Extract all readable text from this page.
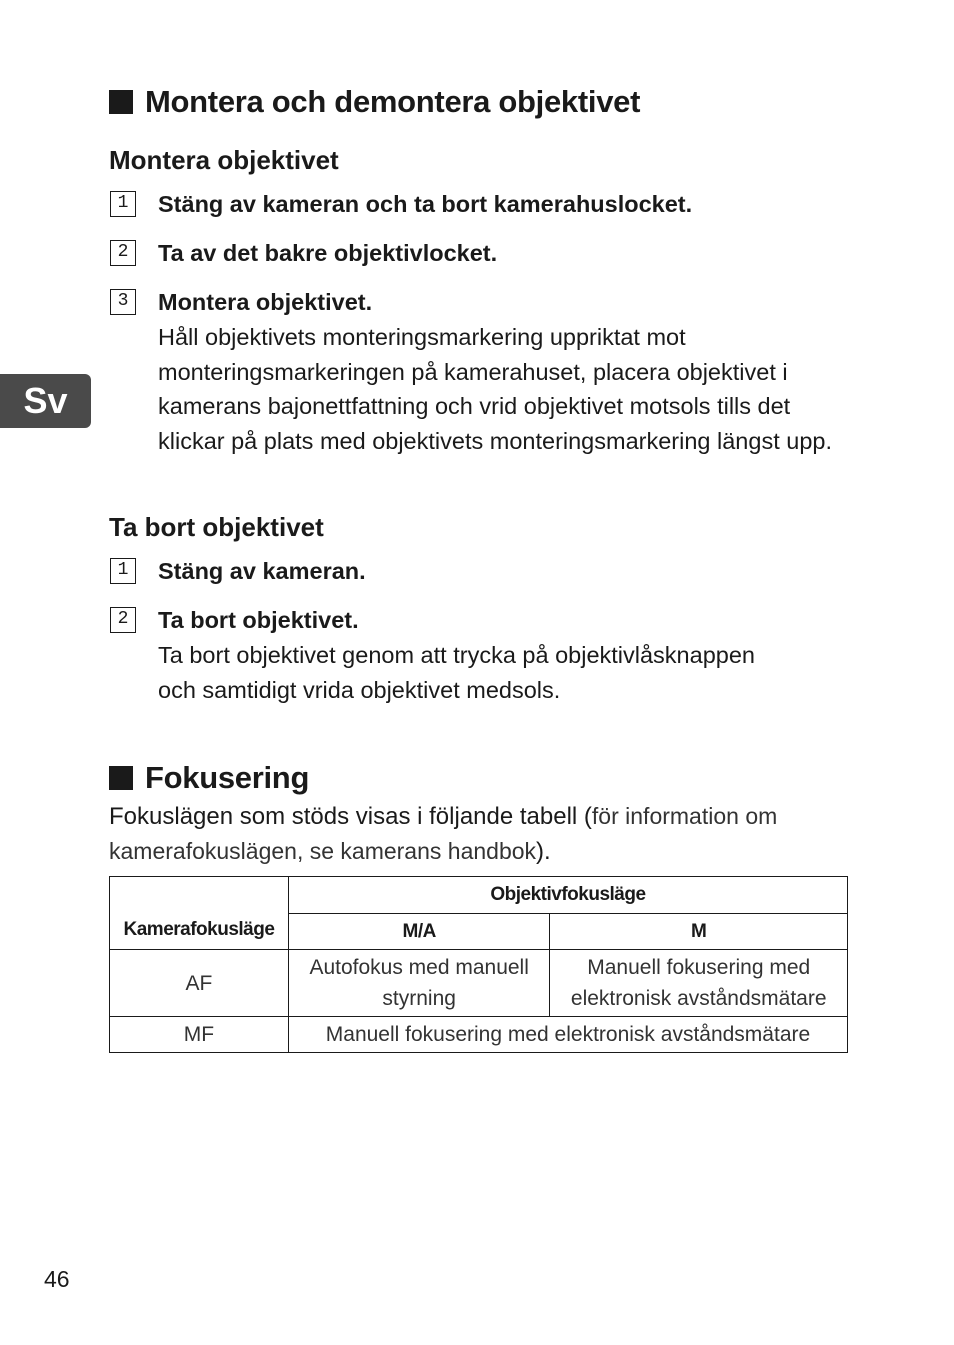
Montera och demontera objektivet
Montera objektivet
1	Stäng av kameran och ta bort kamerahuslocket.
2	Ta av det bakre objektivlocket.
3	Montera objektivet.
Håll objektivets monteringsmarkering uppriktat mot monteringsmarkeringen på kamerahuset, placera objektivet i kamerans bajonettfattning och vrid objektivet motsols tills det klickar på plats med objektivets monteringsmarkering längst upp.
Sv
Ta bort objektivet
1	Stäng av kameran.
2	Ta bort objektivet.
Ta bort objektivet genom att trycka på objektivlåsknappen och samtidigt vrida objektivet medsols.
Fokusering
Fokuslägen som stöds visas i följande tabell (för information om kamerafokuslägen, se kamerans handbok).
Kamerafokusläge	Objektivfokusläge	
	M/A	M
AF	Autofokus med manuell styrning	Manuell fokusering med elektronisk avståndsmätare
MF	Manuell fokusering med elektronisk avståndsmätare	
46
